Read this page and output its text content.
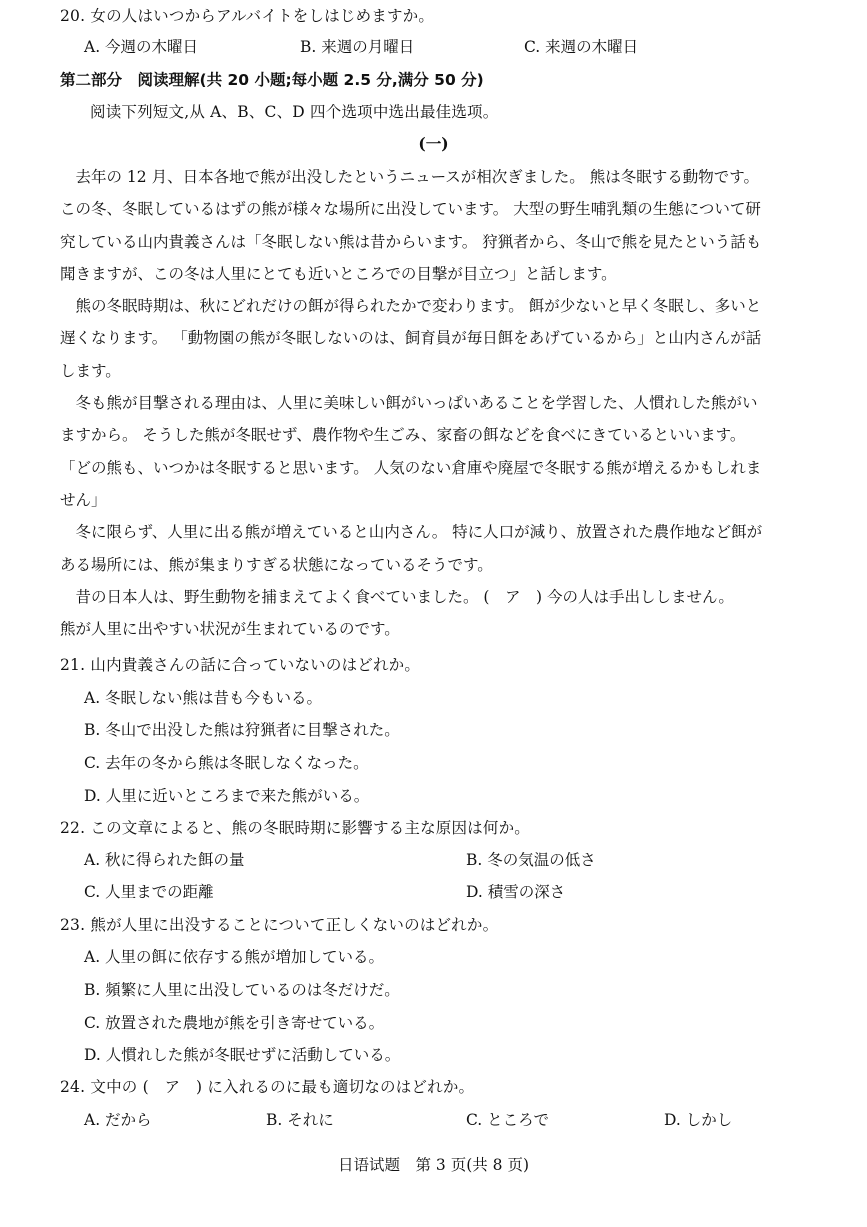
20. 女の人はいつからアルバイトをしはじめますか。
A. 今週の木曜日	B. 来週の月曜日	C. 来週の木曜日
第二部分　阅读理解(共 20 小题;每小题 2.5 分,满分 50 分)
阅读下列短文,从 A、B、C、D 四个选项中选出最佳选项。
(一)
　去年の 12 月、日本各地で熊が出没したというニュースが相次ぎました。 熊は冬眠する動物です。
この冬、冬眠しているはずの熊が様々な場所に出没しています。 大型の野生哺乳類の生態について研
究している山内貴義さんは「冬眠しない熊は昔からいます。 狩猟者から、冬山で熊を見たという話も
聞きますが、この冬は人里にとても近いところでの目撃が目立つ」と話します。
　熊の冬眠時期は、秋にどれだけの餌が得られたかで変わります。 餌が少ないと早く冬眠し、多いと
遅くなります。 「動物園の熊が冬眠しないのは、飼育員が毎日餌をあげているから」と山内さんが話
します。
　冬も熊が目撃される理由は、人里に美味しい餌がいっぱいあることを学習した、人慣れした熊がい
ますから。 そうした熊が冬眠せず、農作物や生ごみ、家畜の餌などを食べにきているといいます。
「どの熊も、いつかは冬眠すると思います。 人気のない倉庫や廃屋で冬眠する熊が増えるかもしれま
せん」
　冬に限らず、人里に出る熊が増えていると山内さん。 特に人口が減り、放置された農作地など餌が
ある場所には、熊が集まりすぎる状態になっているそうです。
　昔の日本人は、野生動物を捕まえてよく食べていました。 (　ア　) 今の人は手出ししません。
熊が人里に出やすい状況が生まれているのです。
21. 山内貴義さんの話に合っていないのはどれか。
A. 冬眠しない熊は昔も今もいる。
B. 冬山で出没した熊は狩猟者に目撃された。
C. 去年の冬から熊は冬眠しなくなった。
D. 人里に近いところまで来た熊がいる。
22. この文章によると、熊の冬眠時期に影響する主な原因は何か。
A. 秋に得られた餌の量	B. 冬の気温の低さ
C. 人里までの距離	D. 積雪の深さ
23. 熊が人里に出没することについて正しくないのはどれか。
A. 人里の餌に依存する熊が増加している。
B. 頻繁に人里に出没しているのは冬だけだ。
C. 放置された農地が熊を引き寄せている。
D. 人慣れした熊が冬眠せずに活動している。
24. 文中の (　ア　) に入れるのに最も適切なのはどれか。
A. だから	B. それに	C. ところで	D. しかし
日语试题　第 3 页(共 8 页)
